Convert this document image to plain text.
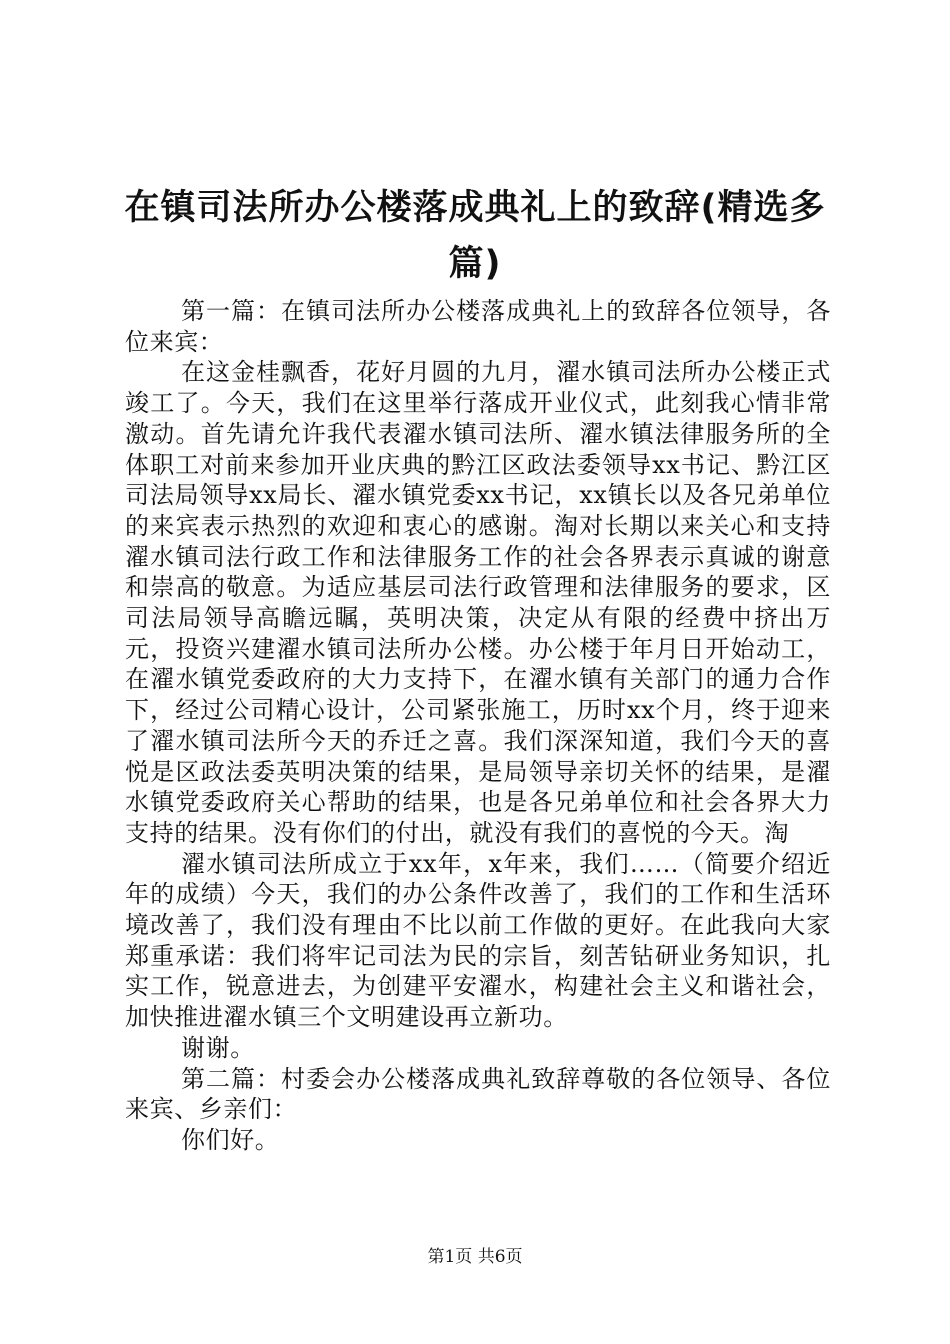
在镇司法所办公楼落成典礼上的致辞(精选多篇)

第一篇：在镇司法所办公楼落成典礼上的致辞各位领导，各位来宾：

在这金桂飘香，花好月圆的九月，濯水镇司法所办公楼正式竣工了。今天，我们在这里举行落成开业仪式，此刻我心情非常激动。首先请允许我代表濯水镇司法所、濯水镇法律服务所的全体职工对前来参加开业庆典的黔江区政法委领导xx书记、黔江区司法局领导xx局长、濯水镇党委xx书记，xx镇长以及各兄弟单位的来宾表示热烈的欢迎和衷心的感谢。淘对长期以来关心和支持濯水镇司法行政工作和法律服务工作的社会各界表示真诚的谢意和崇高的敬意。为适应基层司法行政管理和法律服务的要求，区司法局领导高瞻远瞩，英明决策，决定从有限的经费中挤出万元，投资兴建濯水镇司法所办公楼。办公楼于年月日开始动工，在濯水镇党委政府的大力支持下，在濯水镇有关部门的通力合作下，经过公司精心设计，公司紧张施工，历时xx个月，终于迎来了濯水镇司法所今天的乔迁之喜。我们深深知道，我们今天的喜悦是区政法委英明决策的结果，是局领导亲切关怀的结果，是濯水镇党委政府关心帮助的结果，也是各兄弟单位和社会各界大力支持的结果。没有你们的付出，就没有我们的喜悦的今天。淘

濯水镇司法所成立于xx年，x年来，我们……（简要介绍近年的成绩）今天，我们的办公条件改善了，我们的工作和生活环境改善了，我们没有理由不比以前工作做的更好。在此我向大家郑重承诺：我们将牢记司法为民的宗旨，刻苦钻研业务知识，扎实工作，锐意进去，为创建平安濯水，构建社会主义和谐社会，加快推进濯水镇三个文明建设再立新功。

谢谢。

第二篇：村委会办公楼落成典礼致辞尊敬的各位领导、各位来宾、乡亲们：

你们好。

第1页 共6页
